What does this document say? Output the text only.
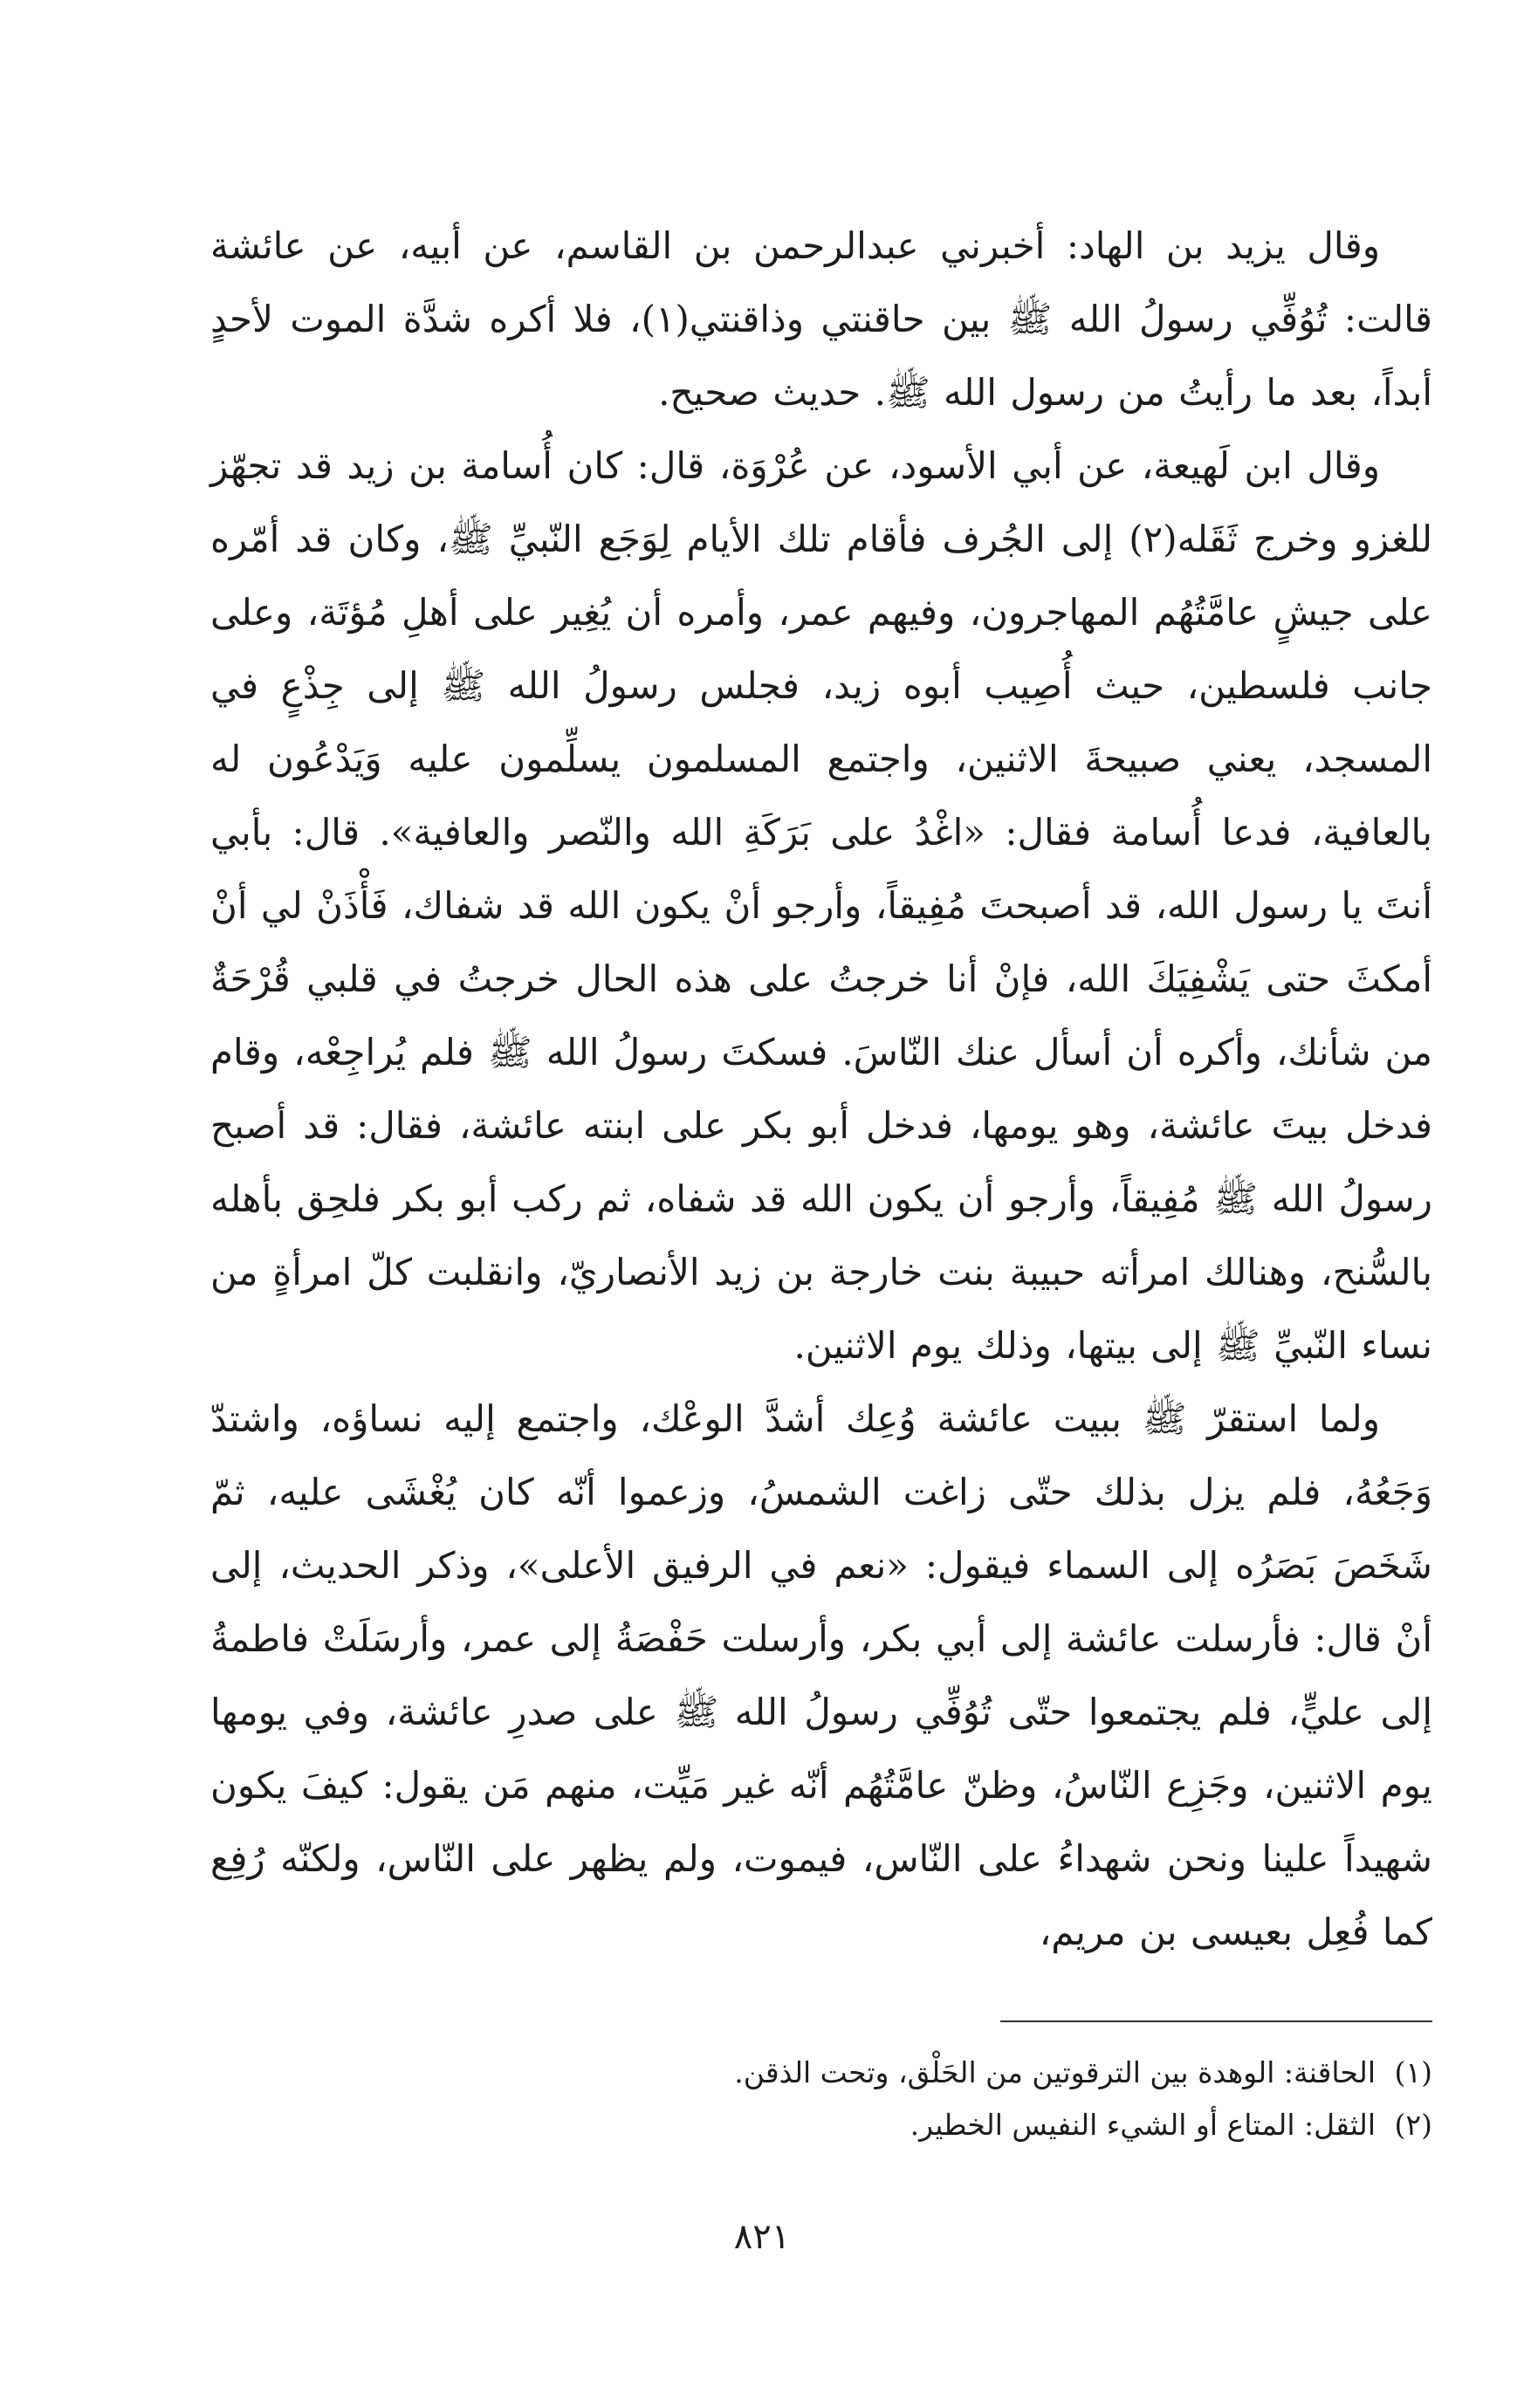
وقال يزيد بن الهاد: أخبرني عبدالرحمن بن القاسم، عن أبيه، عن عائشة قالت: تُوُفِّي رسولُ الله ﷺ بين حاقنتي وذاقنتي(١)، فلا أكره شدَّة الموت لأحدٍ أبداً، بعد ما رأيتُ من رسول الله ﷺ. حديث صحيح.

وقال ابن لَهيعة، عن أبي الأسود، عن عُرْوَة، قال: كان أُسامة بن زيد قد تجهّز للغزو وخرج ثَقَله(٢) إلى الجُرف فأقام تلك الأيام لِوَجَع النّبيِّ ﷺ، وكان قد أمّره على جيشٍ عامَّتُهُم المهاجرون، وفيهم عمر، وأمره أن يُغِير على أهلِ مُؤتَة، وعلى جانب فلسطين، حيث أُصِيب أبوه زيد، فجلس رسولُ الله ﷺ إلى جِذْعٍ في المسجد، يعني صبيحةَ الاثنين، واجتمع المسلمون يسلِّمون عليه وَيَدْعُون له بالعافية، فدعا أُسامة فقال: «اغْدُ على بَرَكَةِ الله والنّصر والعافية». قال: بأبي أنتَ يا رسول الله، قد أصبحتَ مُفِيقاً، وأرجو أنْ يكون الله قد شفاك، فَأْذَنْ لي أنْ أمكثَ حتى يَشْفِيَكَ الله، فإنْ أنا خرجتُ على هذه الحال خرجتُ في قلبي قُرْحَةٌ من شأنك، وأكره أن أسأل عنك النّاسَ. فسكتَ رسولُ الله ﷺ فلم يُراجِعْه، وقام فدخل بيتَ عائشة، وهو يومها، فدخل أبو بكر على ابنته عائشة، فقال: قد أصبح رسولُ الله ﷺ مُفِيقاً، وأرجو أن يكون الله قد شفاه، ثم ركب أبو بكر فلحِق بأهله بالسُّنح، وهنالك امرأته حبيبة بنت خارجة بن زيد الأنصاريّ، وانقلبت كلّ امرأةٍ من نساء النّبيِّ ﷺ إلى بيتها، وذلك يوم الاثنين.

ولما استقرّ ﷺ ببيت عائشة وُعِك أشدَّ الوعْك، واجتمع إليه نساؤه، واشتدّ وَجَعُهُ، فلم يزل بذلك حتّى زاغت الشمسُ، وزعموا أنّه كان يُغْشَى عليه، ثمّ شَخَصَ بَصَرُه إلى السماء فيقول: «نعم في الرفيق الأعلى»، وذكر الحديث، إلى أنْ قال: فأرسلت عائشة إلى أبي بكر، وأرسلت حَفْصَةُ إلى عمر، وأرسَلَتْ فاطمةُ إلى عليٍّ، فلم يجتمعوا حتّى تُوُفِّي رسولُ الله ﷺ على صدرِ عائشة، وفي يومها يوم الاثنين، وجَزِع النّاسُ، وظنّ عامَّتُهُم أنّه غير مَيِّت، منهم مَن يقول: كيفَ يكون شهيداً علينا ونحن شهداءُ على النّاس، فيموت، ولم يظهر على النّاس، ولكنّه رُفِع كما فُعِل بعيسى بن مريم،

(١)الحاقنة: الوهدة بين الترقوتين من الحَلْق، وتحت الذقن.
(٢)الثقل: المتاع أو الشيء النفيس الخطير.
٨٢١
